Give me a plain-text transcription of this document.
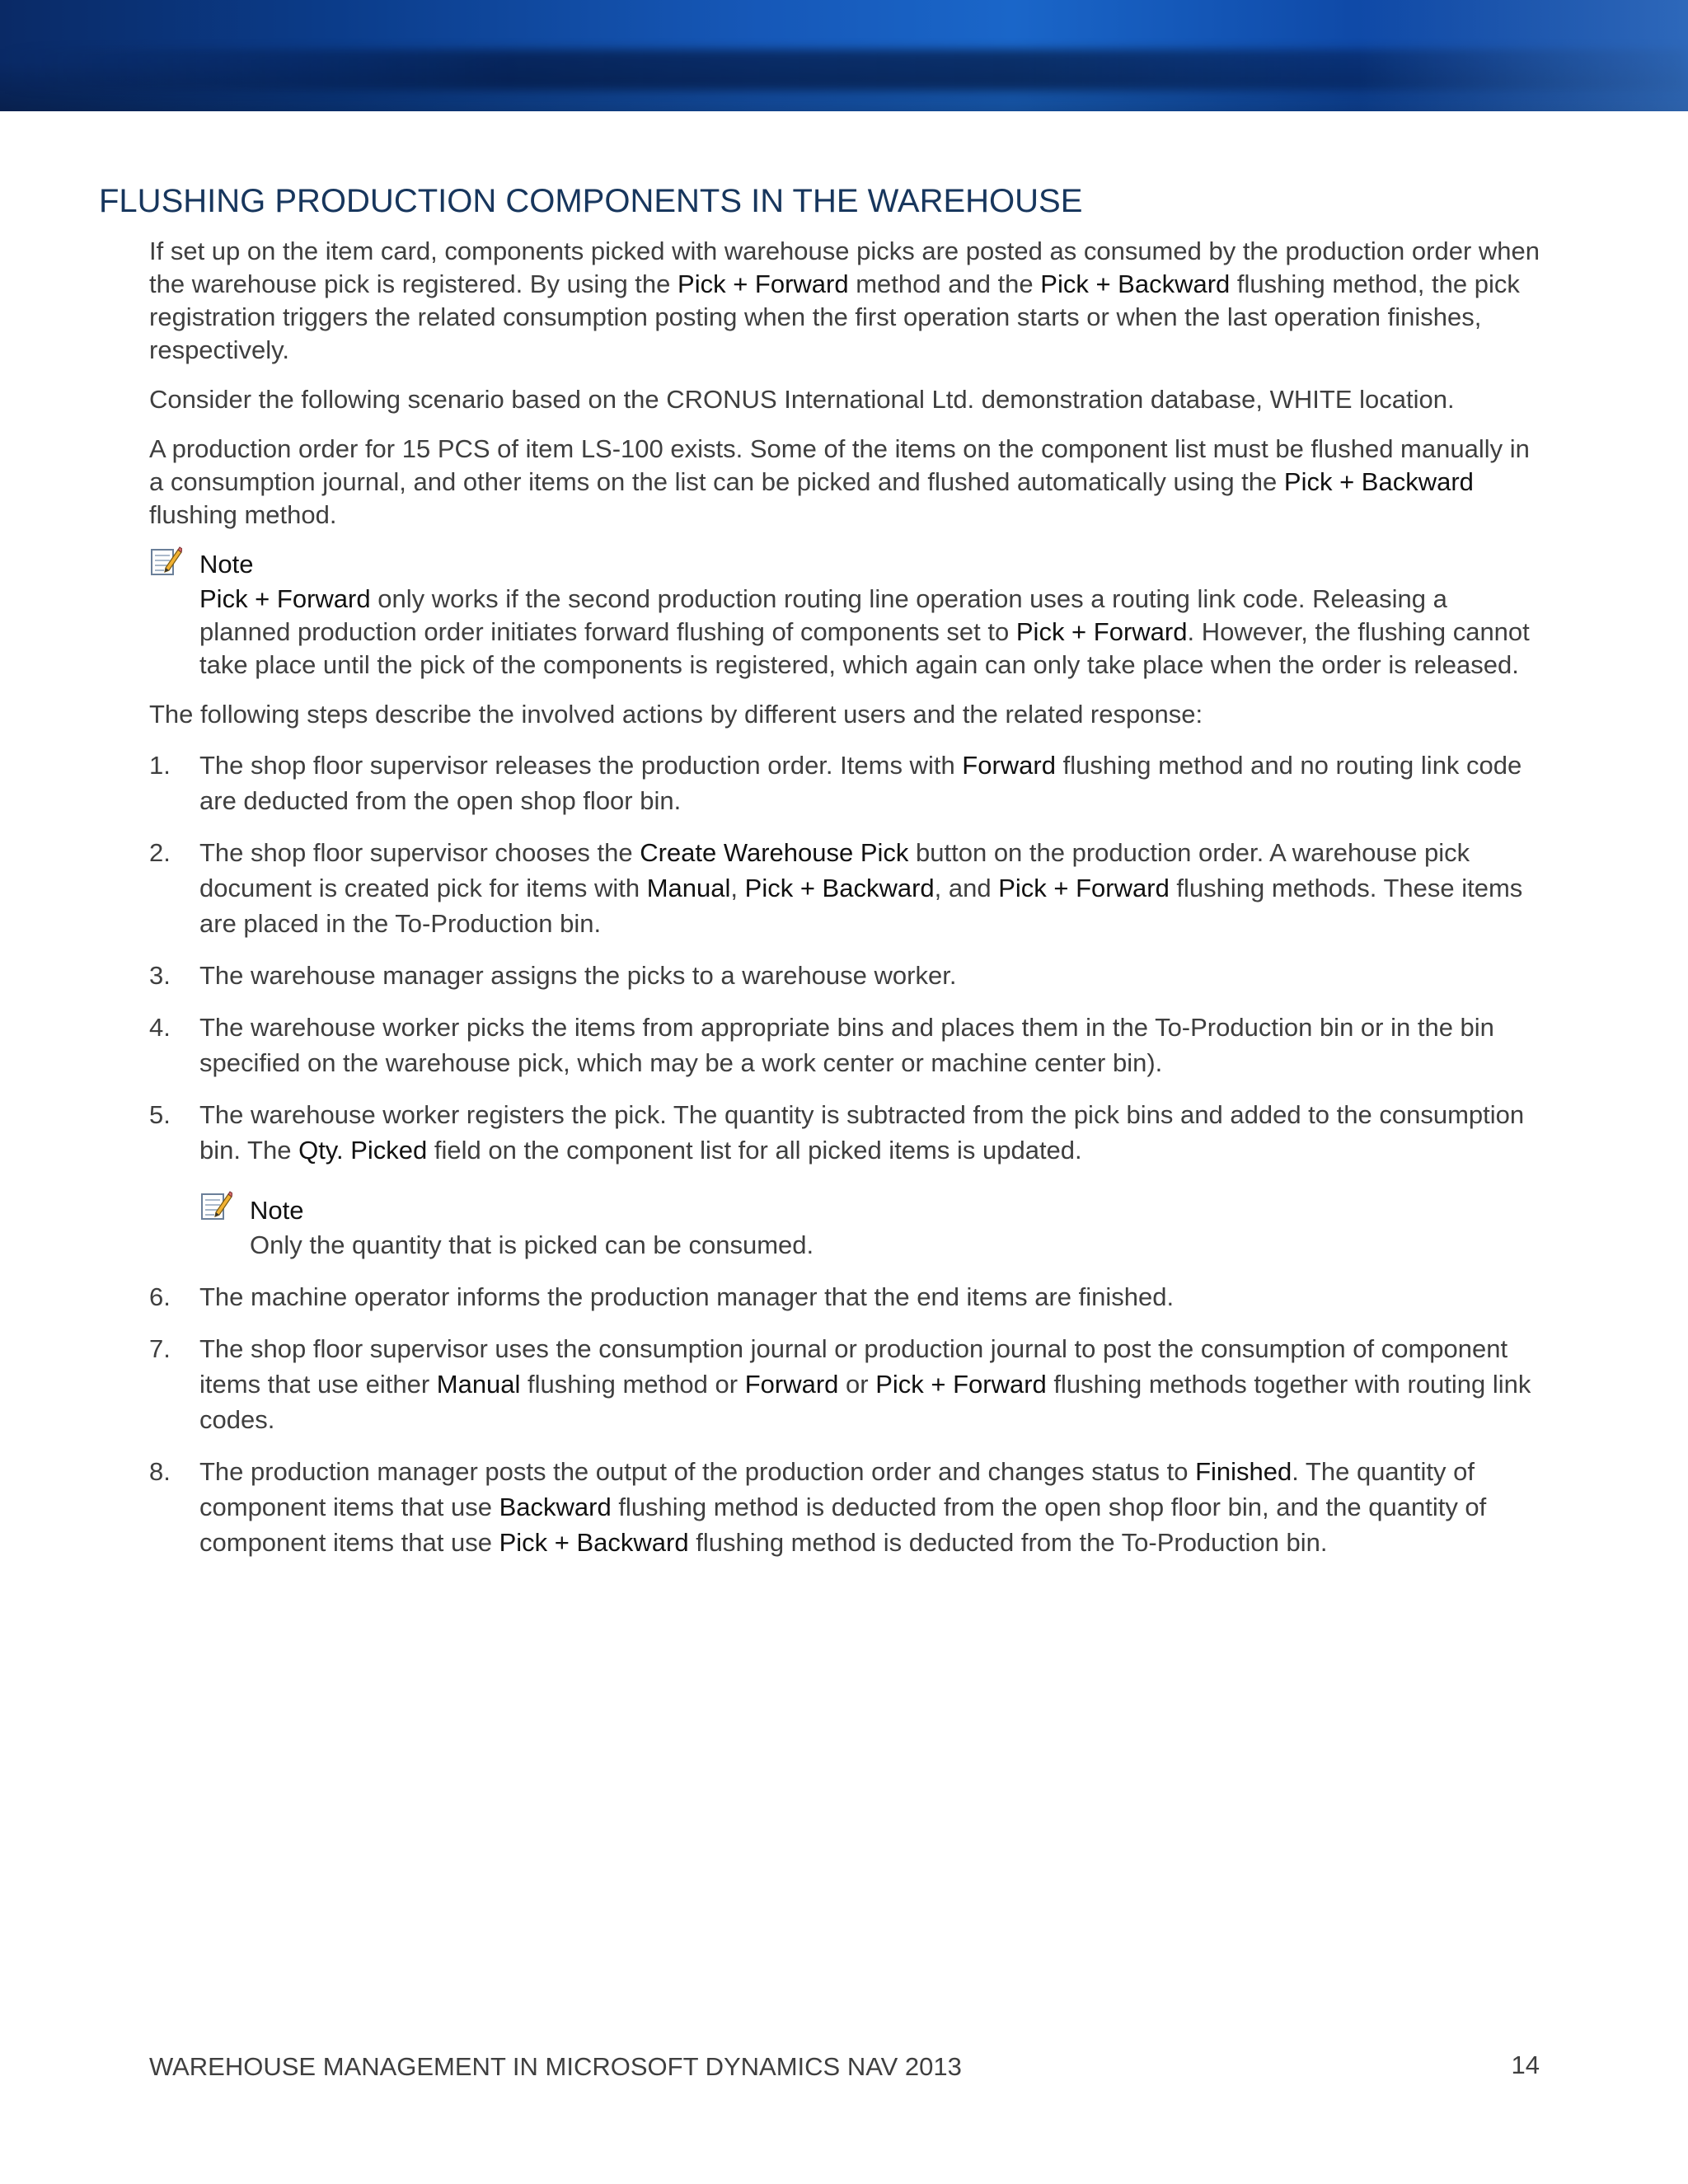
FLUSHING PRODUCTION COMPONENTS IN THE WAREHOUSE

If set up on the item card, components picked with warehouse picks are posted as consumed by the production order when the warehouse pick is registered. By using the Pick + Forward method and the Pick + Backward flushing method, the pick registration triggers the related consumption posting when the first operation starts or when the last operation finishes, respectively.

Consider the following scenario based on the CRONUS International Ltd. demonstration database, WHITE location.

A production order for 15 PCS of item LS-100 exists. Some of the items on the component list must be flushed manually in a consumption journal, and other items on the list can be picked and flushed automatically using the Pick + Backward flushing method.

Note
Pick + Forward only works if the second production routing line operation uses a routing link code. Releasing a planned production order initiates forward flushing of components set to Pick + Forward. However, the flushing cannot take place until the pick of the components is registered, which again can only take place when the order is released.

The following steps describe the involved actions by different users and the related response:

1. The shop floor supervisor releases the production order. Items with Forward flushing method and no routing link code are deducted from the open shop floor bin.
2. The shop floor supervisor chooses the Create Warehouse Pick button on the production order. A warehouse pick document is created pick for items with Manual, Pick + Backward, and Pick + Forward flushing methods. These items are placed in the To-Production bin.
3. The warehouse manager assigns the picks to a warehouse worker.
4. The warehouse worker picks the items from appropriate bins and places them in the To-Production bin or in the bin specified on the warehouse pick, which may be a work center or machine center bin).
5. The warehouse worker registers the pick. The quantity is subtracted from the pick bins and added to the consumption bin. The Qty. Picked field on the component list for all picked items is updated.
Note
Only the quantity that is picked can be consumed.
6. The machine operator informs the production manager that the end items are finished.
7. The shop floor supervisor uses the consumption journal or production journal to post the consumption of component items that use either Manual flushing method or Forward or Pick + Forward flushing methods together with routing link codes.
8. The production manager posts the output of the production order and changes status to Finished. The quantity of component items that use Backward flushing method is deducted from the open shop floor bin, and the quantity of component items that use Pick + Backward flushing method is deducted from the To-Production bin.
WAREHOUSE MANAGEMENT IN MICROSOFT DYNAMICS NAV 2013	14
